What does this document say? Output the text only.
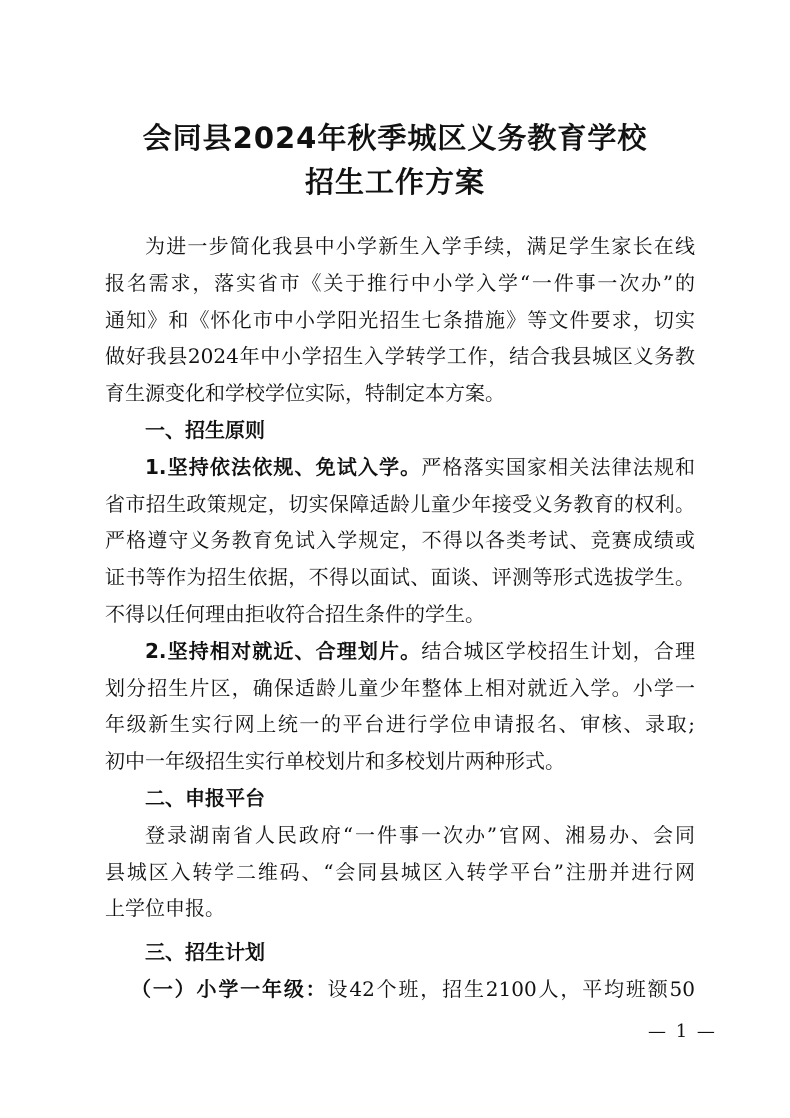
会同县2024年秋季城区义务教育学校
招生工作方案

为进一步简化我县中小学新生入学手续，满足学生家长在线

报名需求，落实省市《关于推行中小学入学“一件事一次办”的

通知》和《怀化市中小学阳光招生七条措施》等文件要求，切实

做好我县2024年中小学招生入学转学工作，结合我县城区义务教

育生源变化和学校学位实际，特制定本方案。

一、招生原则

1.坚持依法依规、免试入学。严格落实国家相关法律法规和

省市招生政策规定，切实保障适龄儿童少年接受义务教育的权利。

严格遵守义务教育免试入学规定，不得以各类考试、竞赛成绩或

证书等作为招生依据，不得以面试、面谈、评测等形式选拔学生。

不得以任何理由拒收符合招生条件的学生。

2.坚持相对就近、合理划片。结合城区学校招生计划，合理

划分招生片区，确保适龄儿童少年整体上相对就近入学。小学一

年级新生实行网上统一的平台进行学位申请报名、审核、录取;

初中一年级招生实行单校划片和多校划片两种形式。

二、申报平台

登录湖南省人民政府“一件事一次办”官网、湘易办、会同

县城区入转学二维码、“会同县城区入转学平台”注册并进行网

上学位申报。

三、招生计划

（一）小学一年级：设42个班，招生2100人，平均班额50

— 1 —
